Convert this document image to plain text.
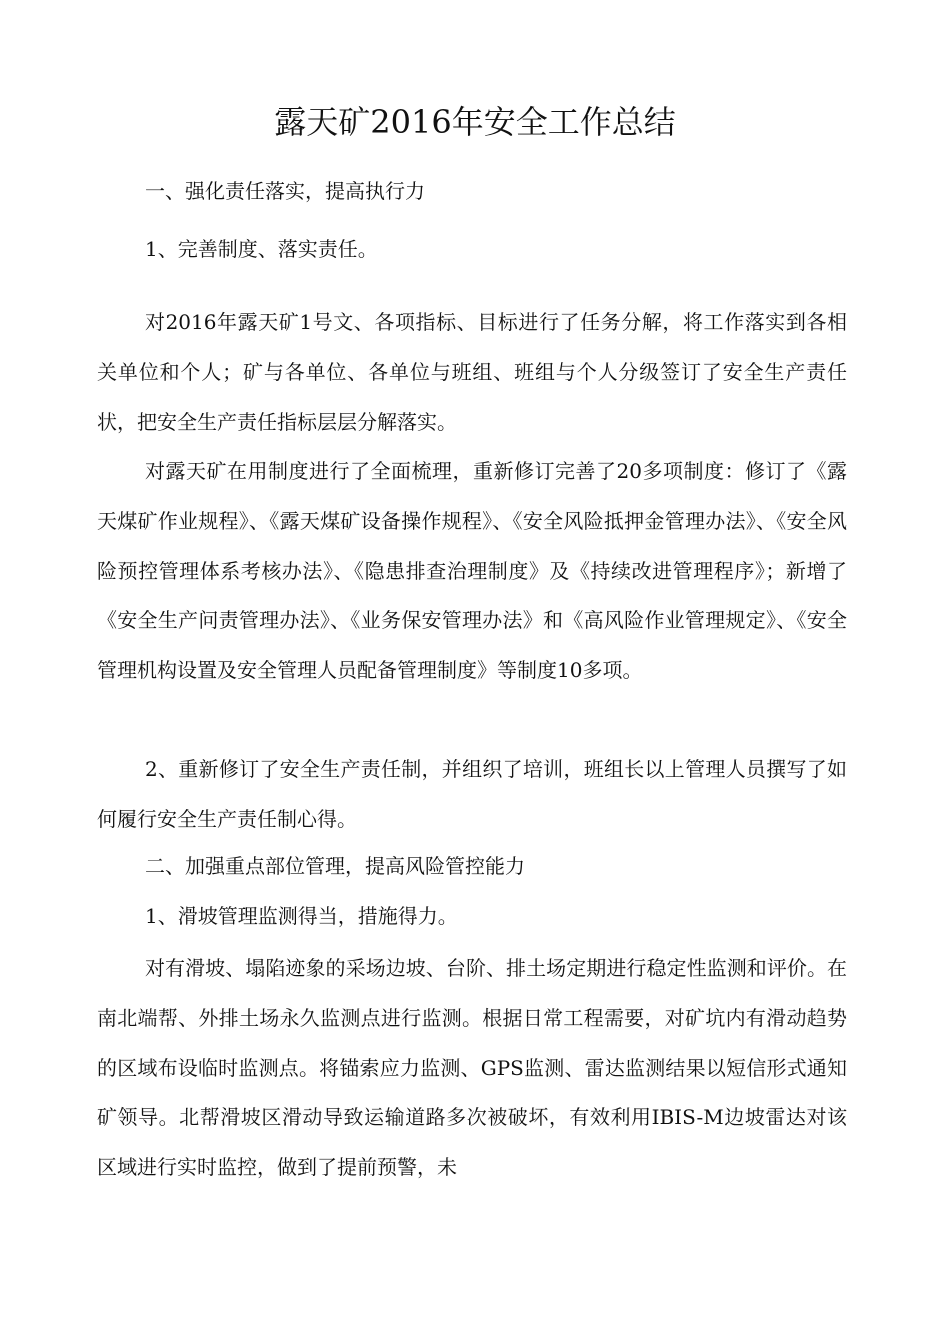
露天矿2016年安全工作总结

一、强化责任落实，提高执行力

1、完善制度、落实责任。

对2016年露天矿1号文、各项指标、目标进行了任务分解，将工作落实到各相关单位和个人；矿与各单位、各单位与班组、班组与个人分级签订了安全生产责任状，把安全生产责任指标层层分解落实。

对露天矿在用制度进行了全面梳理，重新修订完善了20多项制度：修订了《露天煤矿作业规程》、《露天煤矿设备操作规程》、《安全风险抵押金管理办法》、《安全风险预控管理体系考核办法》、《隐患排查治理制度》及《持续改进管理程序》；新增了《安全生产问责管理办法》、《业务保安管理办法》和《高风险作业管理规定》、《安全管理机构设置及安全管理人员配备管理制度》等制度10多项。

2、重新修订了安全生产责任制，并组织了培训，班组长以上管理人员撰写了如何履行安全生产责任制心得。

二、加强重点部位管理，提高风险管控能力

1、滑坡管理监测得当，措施得力。

对有滑坡、塌陷迹象的采场边坡、台阶、排土场定期进行稳定性监测和评价。在南北端帮、外排土场永久监测点进行监测。根据日常工程需要，对矿坑内有滑动趋势的区域布设临时监测点。将锚索应力监测、GPS监测、雷达监测结果以短信形式通知矿领导。北帮滑坡区滑动导致运输道路多次被破坏，有效利用IBIS-M边坡雷达对该区域进行实时监控，做到了提前预警，未
